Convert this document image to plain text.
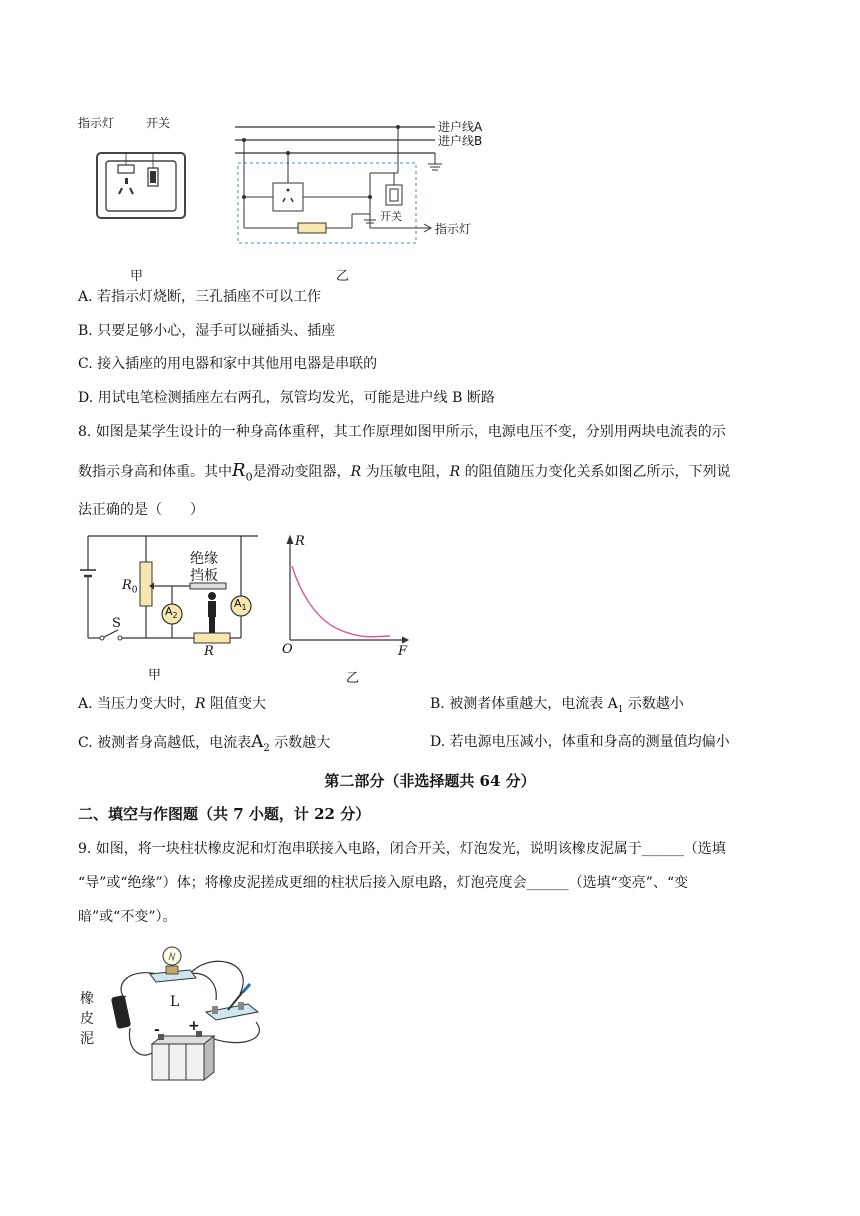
指示灯	开关	进户线A
进户线B
开关
指示灯
甲	乙
A. 若指示灯烧断，三孔插座不可以工作
B. 只要足够小心，湿手可以碰插头、插座
C. 接入插座的用电器和家中其他用电器是串联的
D. 用试电笔检测插座左右两孔，氖管均发光，可能是进户线 B 断路
8. 如图是某学生设计的一种身高体重秤，其工作原理如图甲所示，电源电压不变，分别用两块电流表的示
数指示身高和体重。其中$R_0$是滑动变阻器，R 为压敏电阻，R 的阻值随压力变化关系如图乙所示，下列说
法正确的是（　　）
$R_0$
$A_2$
$A_1$
绝缘
挡板
S
R
甲
R
F
O
乙
A. 当压力变大时，R 阻值变大	B. 被测者体重越大，电流表 $A_1$ 示数越小
C. 被测者身高越低，电流表$A_2$ 示数越大	D. 若电源电压减小，体重和身高的测量值均偏小
第二部分（非选择题共 64 分）
二、填空与作图题（共 7 小题，计 22 分）
9. 如图，将一块柱状橡皮泥和灯泡串联接入电路，闭合开关，灯泡发光，说明该橡皮泥属于______（选填
“导”或“绝缘”）体；将橡皮泥搓成更细的柱状后接入原电路，灯泡亮度会______（选填“变亮”、“变
暗”或“不变”）。
L
橡
皮
泥
- +
